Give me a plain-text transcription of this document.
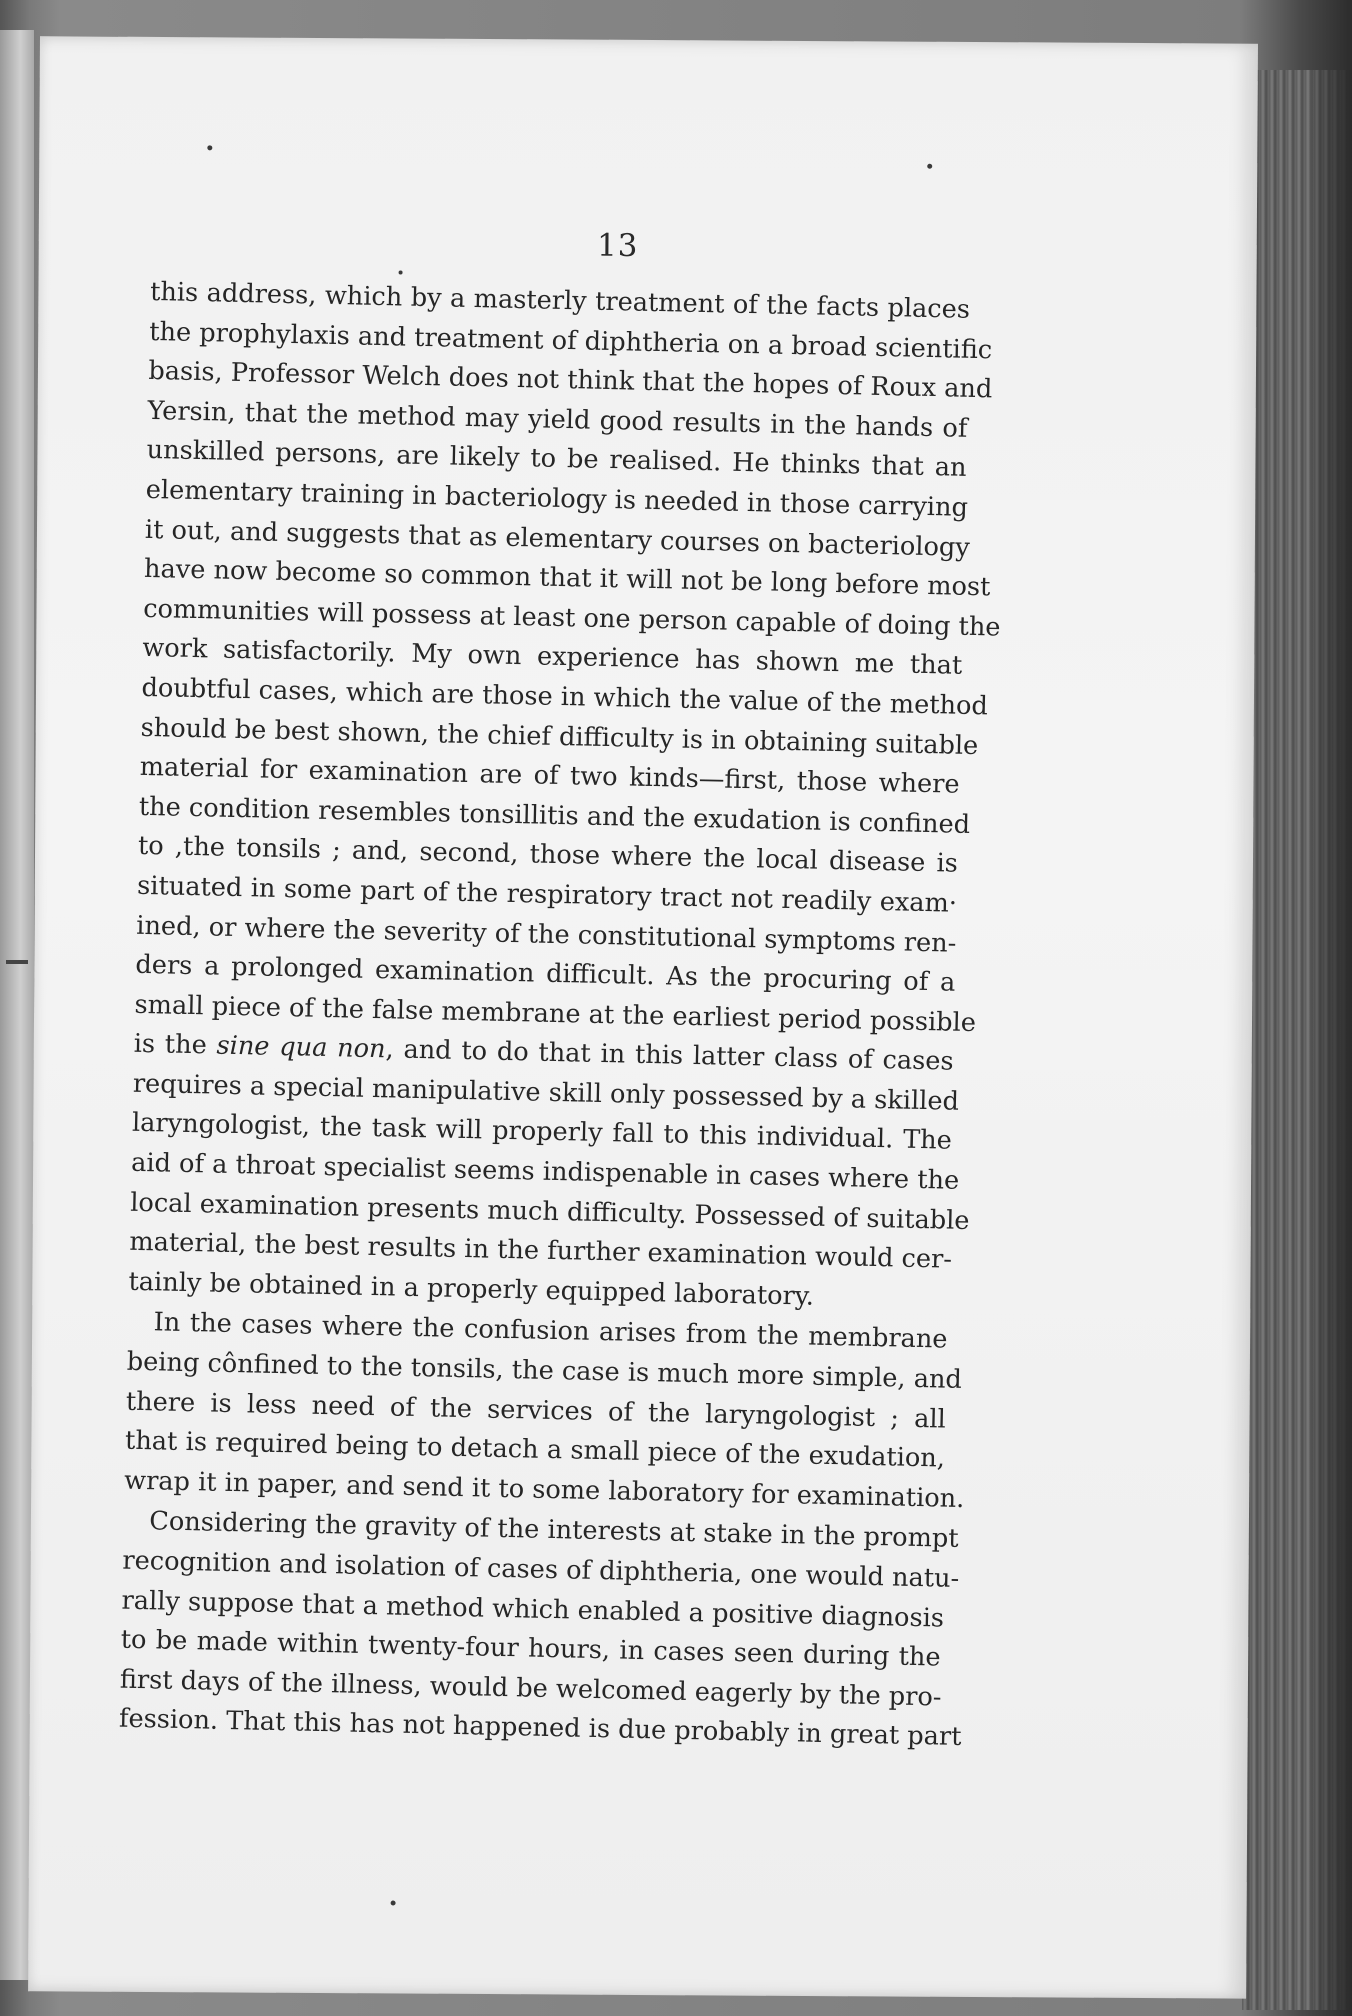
13
this address, which by a masterly treatment of the facts places
the prophylaxis and treatment of diphtheria on a broad scientific
basis, Professor Welch does not think that the hopes of Roux and
Yersin, that the method may yield good results in the hands of
unskilled persons, are likely to be realised. He thinks that an
elementary training in bacteriology is needed in those carrying
it out, and suggests that as elementary courses on bacteriology
have now become so common that it will not be long before most
communities will possess at least one person capable of doing the
work satisfactorily. My own experience has shown me that
doubtful cases, which are those in which the value of the method
should be best shown, the chief difficulty is in obtaining suitable
material for examination are of two kinds—first, those where
the condition resembles tonsillitis and the exudation is confined
to ,the tonsils ; and, second, those where the local disease is
situated in some part of the respiratory tract not readily exam·
ined, or where the severity of the constitutional symptoms ren-
ders a prolonged examination difficult. As the procuring of a
small piece of the false membrane at the earliest period possible
is the sine qua non, and to do that in this latter class of cases
requires a special manipulative skill only possessed by a skilled
laryngologist, the task will properly fall to this individual. The
aid of a throat specialist seems indispenable in cases where the
local examination presents much difficulty. Possessed of suitable
material, the best results in the further examination would cer-
tainly be obtained in a properly equipped laboratory.
In the cases where the confusion arises from the membrane
being cônfined to the tonsils, the case is much more simple, and
there is less need of the services of the laryngologist ; all
that is required being to detach a small piece of the exudation,
wrap it in paper, and send it to some laboratory for examination.
Considering the gravity of the interests at stake in the prompt
recognition and isolation of cases of diphtheria, one would natu-
rally suppose that a method which enabled a positive diagnosis
to be made within twenty-four hours, in cases seen during the
first days of the illness, would be welcomed eagerly by the pro-
fession. That this has not happened is due probably in great part
